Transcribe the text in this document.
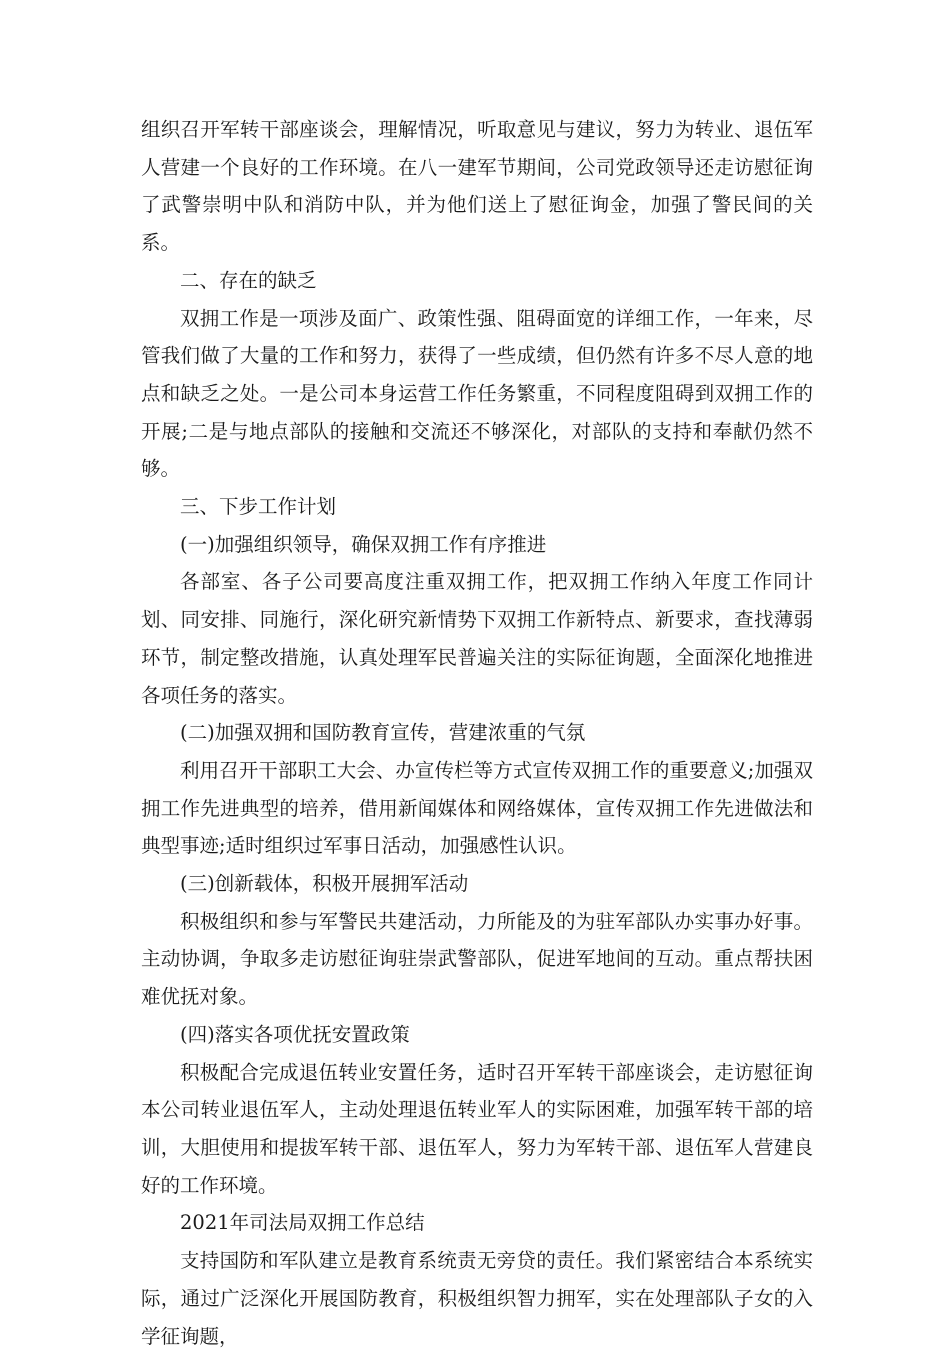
组织召开军转干部座谈会，理解情况，听取意见与建议，努力为转业、退伍军人营建一个良好的工作环境。在八一建军节期间，公司党政领导还走访慰征询了武警崇明中队和消防中队，并为他们送上了慰征询金，加强了警民间的关系。

二、存在的缺乏

双拥工作是一项涉及面广、政策性强、阻碍面宽的详细工作，一年来，尽管我们做了大量的工作和努力，获得了一些成绩，但仍然有许多不尽人意的地点和缺乏之处。一是公司本身运营工作任务繁重，不同程度阻碍到双拥工作的开展;二是与地点部队的接触和交流还不够深化，对部队的支持和奉献仍然不够。

三、下步工作计划

(一)加强组织领导，确保双拥工作有序推进

各部室、各子公司要高度注重双拥工作，把双拥工作纳入年度工作同计划、同安排、同施行，深化研究新情势下双拥工作新特点、新要求，查找薄弱环节，制定整改措施，认真处理军民普遍关注的实际征询题，全面深化地推进各项任务的落实。

(二)加强双拥和国防教育宣传，营建浓重的气氛

利用召开干部职工大会、办宣传栏等方式宣传双拥工作的重要意义;加强双拥工作先进典型的培养，借用新闻媒体和网络媒体，宣传双拥工作先进做法和典型事迹;适时组织过军事日活动，加强感性认识。

(三)创新载体，积极开展拥军活动

积极组织和参与军警民共建活动，力所能及的为驻军部队办实事办好事。主动协调，争取多走访慰征询驻崇武警部队，促进军地间的互动。重点帮扶困难优抚对象。

(四)落实各项优抚安置政策

积极配合完成退伍转业安置任务，适时召开军转干部座谈会，走访慰征询本公司转业退伍军人，主动处理退伍转业军人的实际困难，加强军转干部的培训，大胆使用和提拔军转干部、退伍军人，努力为军转干部、退伍军人营建良好的工作环境。

2021年司法局双拥工作总结

支持国防和军队建立是教育系统责无旁贷的责任。我们紧密结合本系统实际，通过广泛深化开展国防教育，积极组织智力拥军，实在处理部队子女的入学征询题，
